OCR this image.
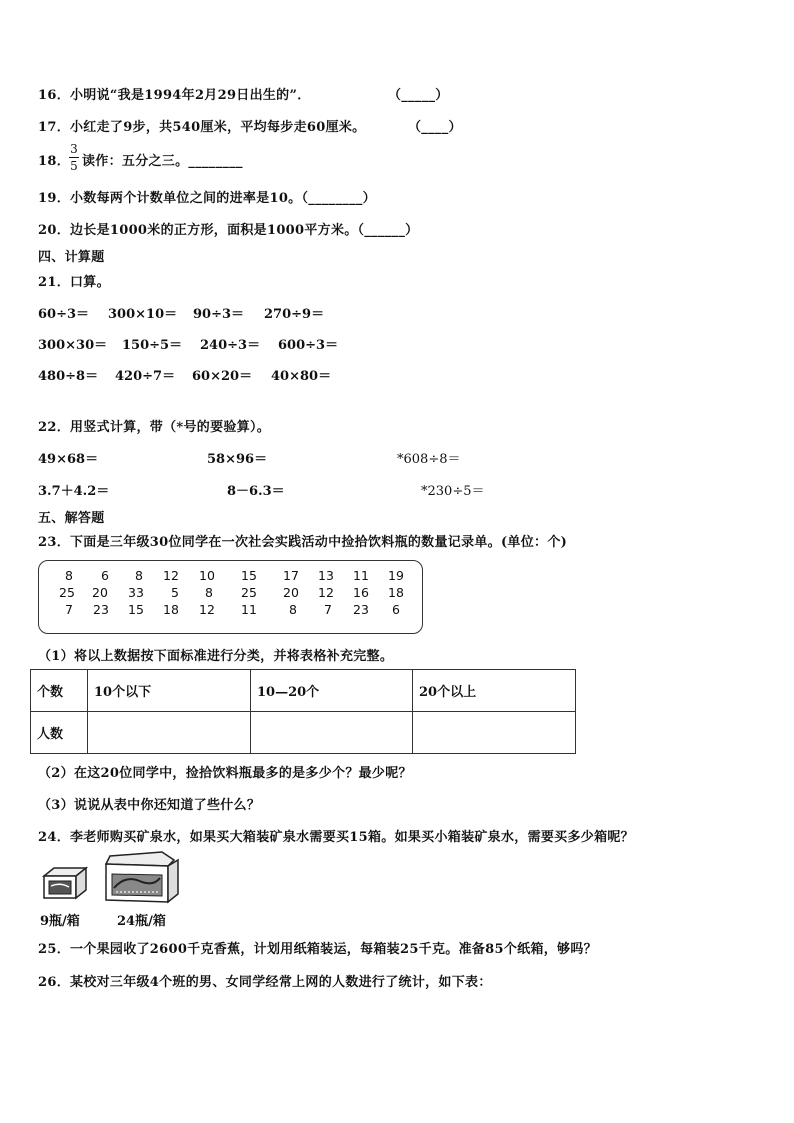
16．小明说“我是1994年2月29日出生的”．	（_____）
17．小红走了9步，共540厘米，平均每步走60厘米。	（____）
18．
3
5 读作：五分之三。________
19．小数每两个计数单位之间的进率是10。（________）
20．边长是1000米的正方形，面积是1000平方米。（______）
四、计算题
21．口算。
60÷3＝ 300×10＝ 90÷3＝ 270÷9＝
300×30＝ 150÷5＝ 240÷3＝ 600÷3＝
480÷8＝ 420÷7＝ 60×20＝ 40×80＝
22．用竖式计算，带（*号的要验算）。
49×68＝	58×96＝	*608÷8＝
3.7＋4.2＝	8－6.3＝	*230÷5＝
五、解答题
23．下面是三年级30位同学在一次社会实践活动中捡拾饮料瓶的数量记录单。(单位：个)
8	6	8	12	10	15	17	13	11	19
25	20	33	5	8	25	20	12	16	18
7	23	15	18	12	11	8	7	23	6
（1）将以上数据按下面标准进行分类，并将表格补充完整。
个数	10个以下	10—20个	20个以上
人数			
（2）在这20位同学中，捡拾饮料瓶最多的是多少个？最少呢？
（3）说说从表中你还知道了些什么？
24．李老师购买矿泉水，如果买大箱装矿泉水需要买15箱。如果买小箱装矿泉水，需要买多少箱呢？
9瓶/箱	24瓶/箱
25．一个果园收了2600千克香蕉，计划用纸箱装运，每箱装25千克。准备85个纸箱，够吗？
26．某校对三年级4个班的男、女同学经常上网的人数进行了统计，如下表：
